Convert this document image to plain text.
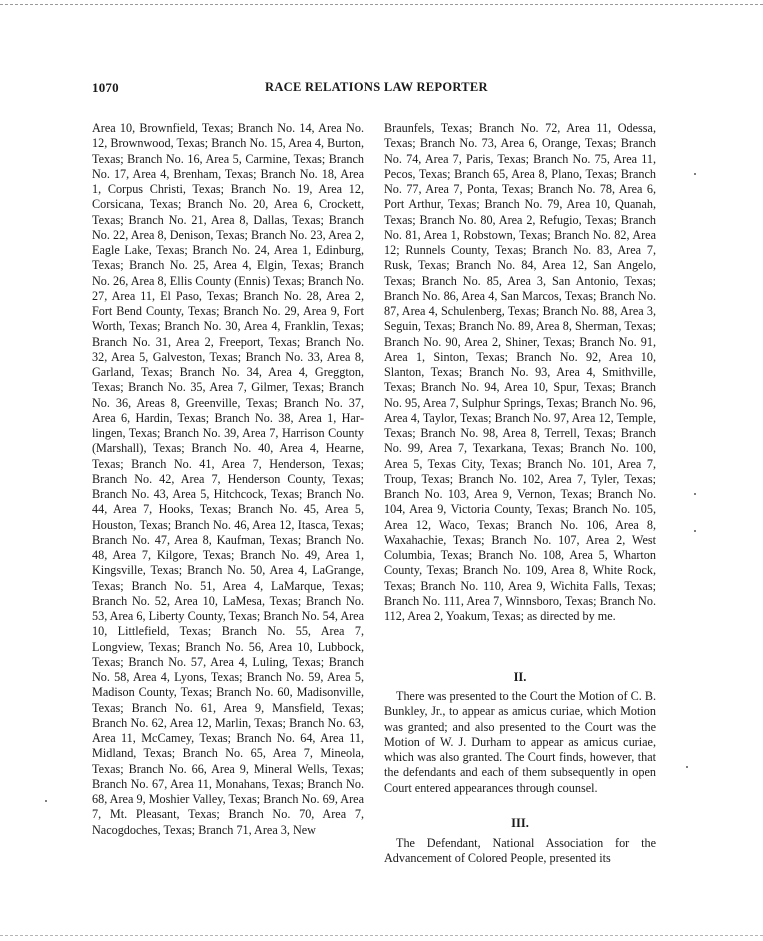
1070	RACE RELATIONS LAW REPORTER

Area 10, Brownfield, Texas; Branch No. 14, Area No. 12, Brownwood, Texas; Branch No. 15, Area 4, Burton, Texas; Branch No. 16, Area 5, Carmine, Texas; Branch No. 17, Area 4, Brenham, Texas; Branch No. 18, Area 1, Corpus Christi, Texas; Branch No. 19, Area 12, Corsicana, Texas; Branch No. 20, Area 6, Crockett, Texas; Branch No. 21, Area 8, Dallas, Texas; Branch No. 22, Area 8, Denison, Texas; Branch No. 23, Area 2, Eagle Lake, Texas; Branch No. 24, Area 1, Edinburg, Texas; Branch No. 25, Area 4, Elgin, Texas; Branch No. 26, Area 8, Ellis County (Ennis) Texas; Branch No. 27, Area 11, El Paso, Texas; Branch No. 28, Area 2, Fort Bend County, Texas; Branch No. 29, Area 9, Fort Worth, Texas; Branch No. 30, Area 4, Franklin, Texas; Branch No. 31, Area 2, Freeport, Texas; Branch No. 32, Area 5, Galveston, Texas; Branch No. 33, Area 8, Garland, Texas; Branch No. 34, Area 4, Greggton, Texas; Branch No. 35, Area 7, Gilmer, Texas; Branch No. 36, Areas 8, Greenville, Texas; Branch No. 37, Area 6, Hardin, Texas; Branch No. 38, Area 1, Harlingen, Texas; Branch No. 39, Area 7, Harrison County (Marshall), Texas; Branch No. 40, Area 4, Hearne, Texas; Branch No. 41, Area 7, Henderson, Texas; Branch No. 42, Area 7, Henderson County, Texas; Branch No. 43, Area 5, Hitchcock, Texas; Branch No. 44, Area 7, Hooks, Texas; Branch No. 45, Area 5, Houston, Texas; Branch No. 46, Area 12, Itasca, Texas; Branch No. 47, Area 8, Kaufman, Texas; Branch No. 48, Area 7, Kilgore, Texas; Branch No. 49, Area 1, Kingsville, Texas; Branch No. 50, Area 4, LaGrange, Texas; Branch No. 51, Area 4, LaMarque, Texas; Branch No. 52, Area 10, LaMesa, Texas; Branch No. 53, Area 6, Liberty County, Texas; Branch No. 54, Area 10, Littlefield, Texas; Branch No. 55, Area 7, Longview, Texas; Branch No. 56, Area 10, Lubbock, Texas; Branch No. 57, Area 4, Luling, Texas; Branch No. 58, Area 4, Lyons, Texas; Branch No. 59, Area 5, Madison County, Texas; Branch No. 60, Madisonville, Texas; Branch No. 61, Area 9, Mansfield, Texas; Branch No. 62, Area 12, Marlin, Texas; Branch No. 63, Area 11, McCamey, Texas; Branch No. 64, Area 11, Midland, Texas; Branch No. 65, Area 7, Mineola, Texas; Branch No. 66, Area 9, Mineral Wells, Texas; Branch No. 67, Area 11, Monahans, Texas; Branch No. 68, Area 9, Moshier Valley, Texas; Branch No. 69, Area 7, Mt. Pleasant, Texas; Branch No. 70, Area 7, Nacogdoches, Texas; Branch 71, Area 3, New

Braunfels, Texas; Branch No. 72, Area 11, Odessa, Texas; Branch No. 73, Area 6, Orange, Texas; Branch No. 74, Area 7, Paris, Texas; Branch No. 75, Area 11, Pecos, Texas; Branch 65, Area 8, Plano, Texas; Branch No. 77, Area 7, Ponta, Texas; Branch No. 78, Area 6, Port Arthur, Texas; Branch No. 79, Area 10, Quanah, Texas; Branch No. 80, Area 2, Refugio, Texas; Branch No. 81, Area 1, Robstown, Texas; Branch No. 82, Area 12; Runnels County, Texas; Branch No. 83, Area 7, Rusk, Texas; Branch No. 84, Area 12, San Angelo, Texas; Branch No. 85, Area 3, San Antonio, Texas; Branch No. 86, Area 4, San Marcos, Texas; Branch No. 87, Area 4, Schulenberg, Texas; Branch No. 88, Area 3, Seguin, Texas; Branch No. 89, Area 8, Sherman, Texas; Branch No. 90, Area 2, Shiner, Texas; Branch No. 91, Area 1, Sinton, Texas; Branch No. 92, Area 10, Slanton, Texas; Branch No. 93, Area 4, Smithville, Texas; Branch No. 94, Area 10, Spur, Texas; Branch No. 95, Area 7, Sulphur Springs, Texas; Branch No. 96, Area 4, Taylor, Texas; Branch No. 97, Area 12, Temple, Texas; Branch No. 98, Area 8, Terrell, Texas; Branch No. 99, Area 7, Texarkana, Texas; Branch No. 100, Area 5, Texas City, Texas; Branch No. 101, Area 7, Troup, Texas; Branch No. 102, Area 7, Tyler, Texas; Branch No. 103, Area 9, Vernon, Texas; Branch No. 104, Area 9, Victoria County, Texas; Branch No. 105, Area 12, Waco, Texas; Branch No. 106, Area 8, Waxahachie, Texas; Branch No. 107, Area 2, West Columbia, Texas; Branch No. 108, Area 5, Wharton County, Texas; Branch No. 109, Area 8, White Rock, Texas; Branch No. 110, Area 9, Wichita Falls, Texas; Branch No. 111, Area 7, Winnsboro, Texas; Branch No. 112, Area 2, Yoakum, Texas; as directed by me.

II.

There was presented to the Court the Motion of C. B. Bunkley, Jr., to appear as amicus curiae, which Motion was granted; and also presented to the Court was the Motion of W. J. Durham to appear as amicus curiae, which was also granted. The Court finds, however, that the defendants and each of them subsequently in open Court entered appearances through counsel.

III.

The Defendant, National Association for the Advancement of Colored People, presented its
